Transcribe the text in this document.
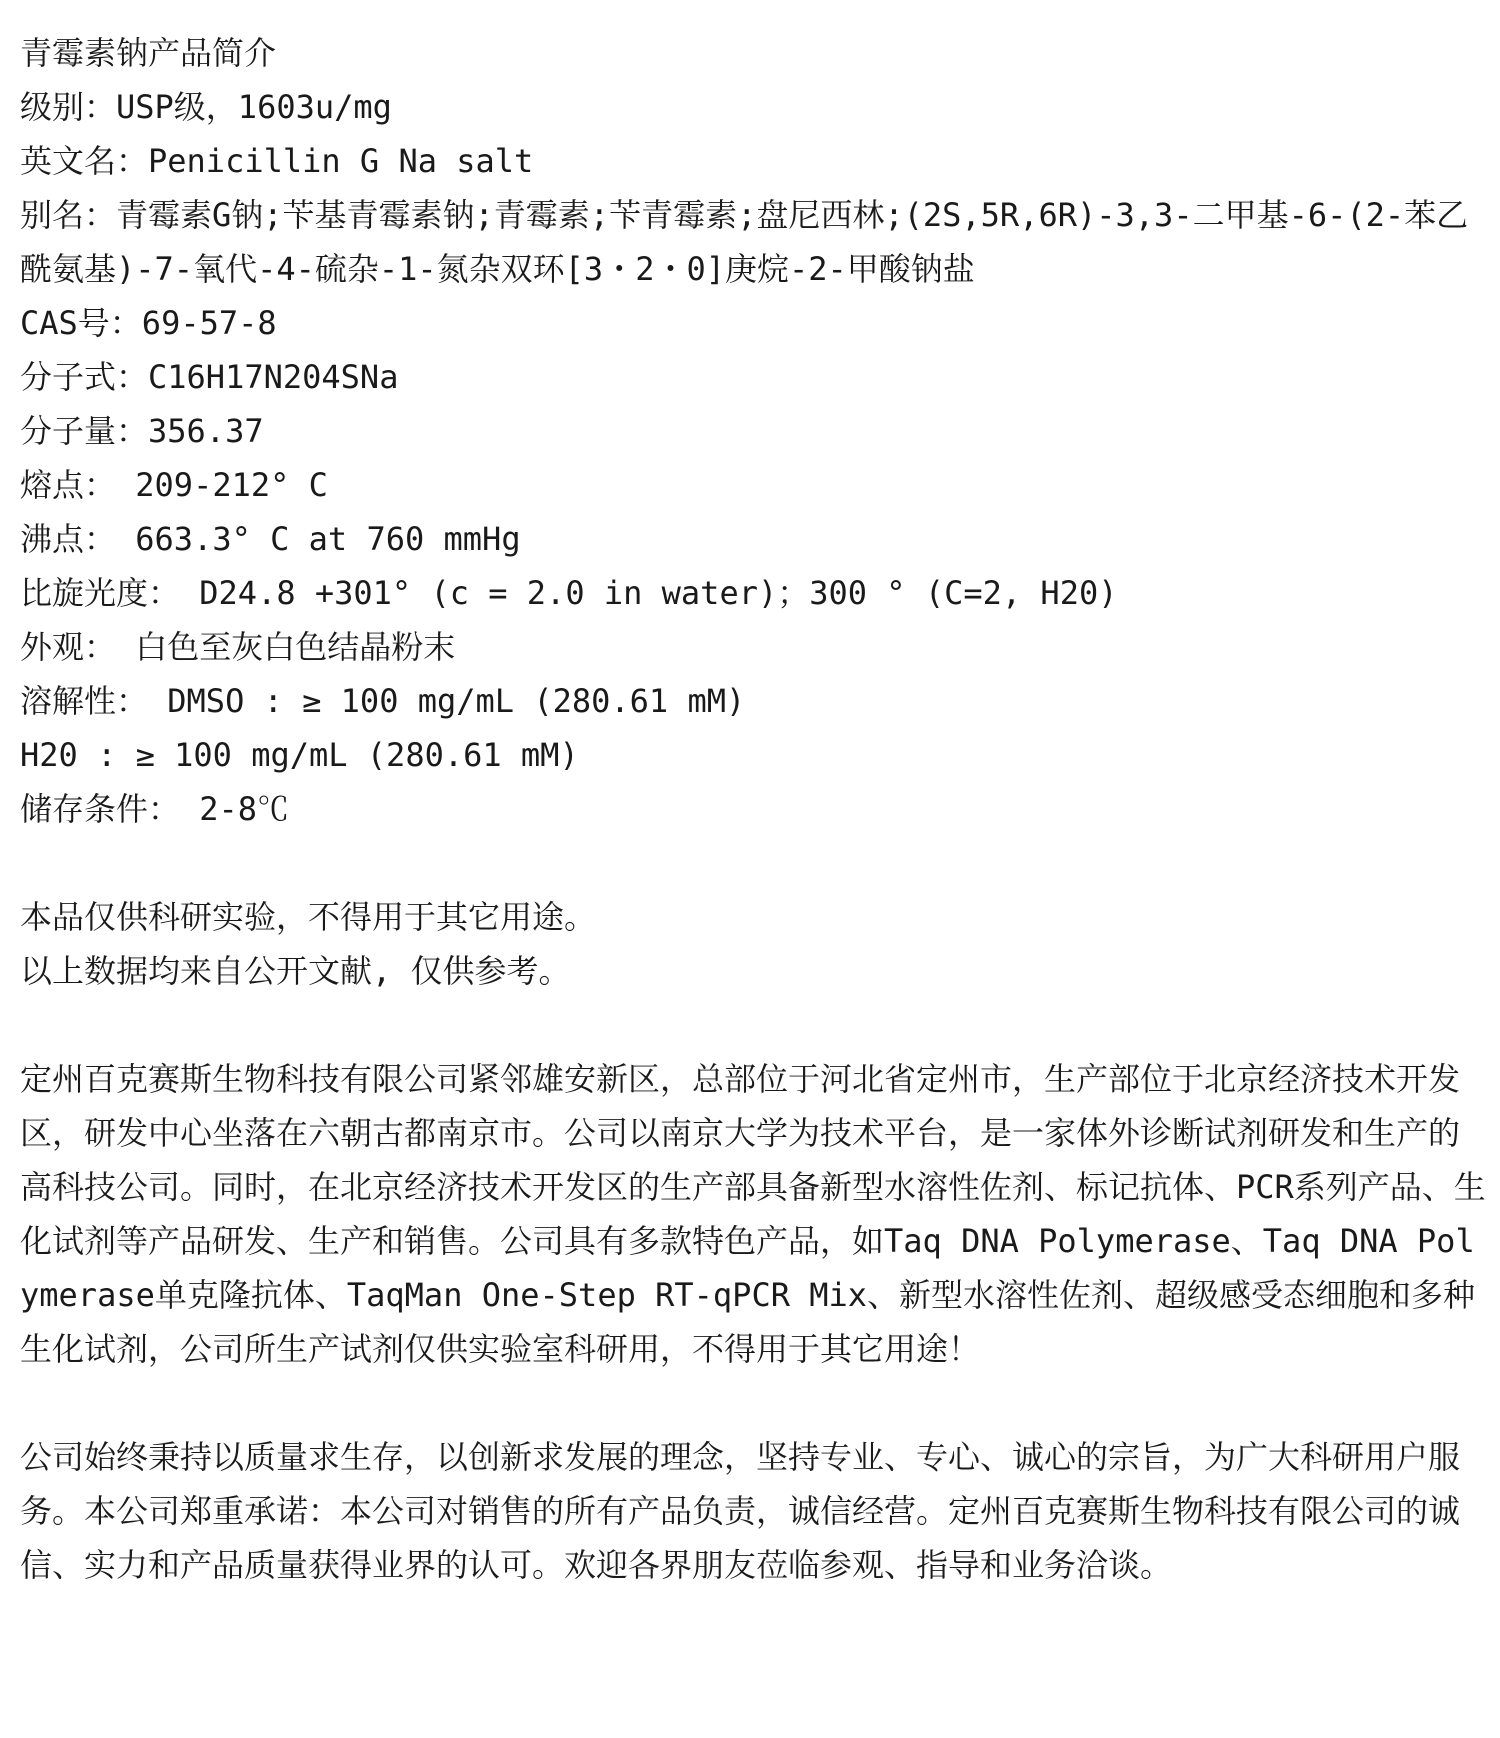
青霉素钠产品简介

级别：USP级，1603u/mg

英文名：Penicillin G Na salt

别名：青霉素G钠;苄基青霉素钠;青霉素;苄青霉素;盘尼西林;(2S,5R,6R)-3,3-二甲基-6-(2-苯乙酰氨基)-7-氧代-4-硫杂-1-氮杂双环[3・2・0]庚烷-2-甲酸钠盐

CAS号：69-57-8

分子式：C16H17N204SNa

分子量：356.37

熔点： 209-212° C

沸点： 663.3° C at 760 mmHg

比旋光度： D24.8 +301° (c = 2.0 in water)；300 ° (C=2, H20)

外观： 白色至灰白色结晶粉末

溶解性： DMSO : ≥ 100 mg/mL (280.61 mM)

H20 : ≥ 100 mg/mL (280.61 mM)

储存条件： 2-8℃

本品仅供科研实验，不得用于其它用途。

以上数据均来自公开文献, 仅供参考。

定州百克赛斯生物科技有限公司紧邻雄安新区，总部位于河北省定州市，生产部位于北京经济技术开发区，研发中心坐落在六朝古都南京市。公司以南京大学为技术平台，是一家体外诊断试剂研发和生产的高科技公司。同时，在北京经济技术开发区的生产部具备新型水溶性佐剂、标记抗体、PCR系列产品、生化试剂等产品研发、生产和销售。公司具有多款特色产品，如Taq DNA Polymerase、Taq DNA Polymerase单克隆抗体、TaqMan One-Step RT-qPCR Mix、新型水溶性佐剂、超级感受态细胞和多种生化试剂，公司所生产试剂仅供实验室科研用，不得用于其它用途！

公司始终秉持以质量求生存，以创新求发展的理念，坚持专业、专心、诚心的宗旨，为广大科研用户服务。本公司郑重承诺：本公司对销售的所有产品负责，诚信经营。定州百克赛斯生物科技有限公司的诚信、实力和产品质量获得业界的认可。欢迎各界朋友莅临参观、指导和业务洽谈。
